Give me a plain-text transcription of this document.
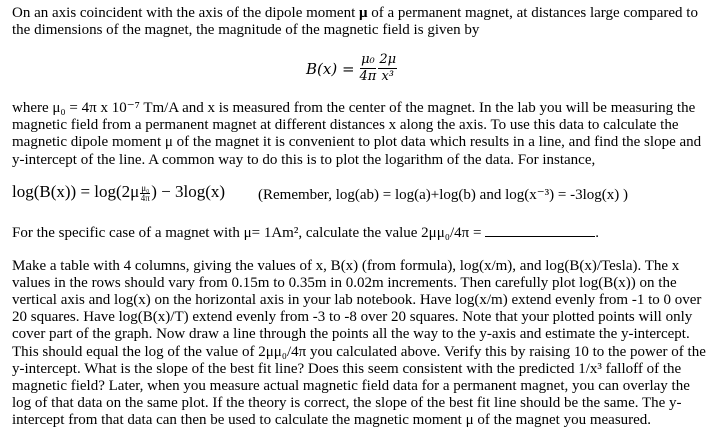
On an axis coincident with the axis of the dipole moment μ of a permanent magnet, at distances large compared to
the dimensions of the magnet, the magnitude of the magnetic field is given by
$B(x) = \frac{\text{μ₀}}{4\pi} \frac{2\mu}{\text{x³}}$
where μ₀ = 4π x 10⁻⁷ Tm/A and x is measured from the center of the magnet. In the lab you will be measuring the
magnetic field from a permanent magnet at different distances x along the axis. To use this data to calculate the
magnetic dipole moment μ of the magnet it is convenient to plot data which results in a line, and find the slope and
y-intercept of the line. A common way to do this is to plot the logarithm of the data. For instance,
$\log(B(x)) = \log(2\mu \frac{\text{μ₀}}{4\pi}$ ) − 3log(x) (Remember, log(ab) = log(a)+log(b) and log(x⁻³) = -3log(x) )
For the specific case of a magnet with μ= 1Am², calculate the value 2μμ₀/4π =	.
Make a table with 4 columns, giving the values of x, B(x) (from formula), log(x/m), and log(B(x)/Tesla). The x
values in the rows should vary from 0.15m to 0.35m in 0.02m increments. Then carefully plot log(B(x)) on the
vertical axis and log(x) on the horizontal axis in your lab notebook. Have log(x/m) extend evenly from -1 to 0 over
20 squares. Have log(B(x)/T) extend evenly from -3 to -8 over 20 squares. Note that your plotted points will only
cover part of the graph. Now draw a line through the points all the way to the y-axis and estimate the y-intercept.
This should equal the log of the value of 2μμ₀/4π you calculated above. Verify this by raising 10 to the power of the
y-intercept. What is the slope of the best fit line? Does this seem consistent with the predicted 1/x³ falloff of the
magnetic field? Later, when you measure actual magnetic field data for a permanent magnet, you can overlay the
log of that data on the same plot. If the theory is correct, the slope of the best fit line should be the same. The y-
intercept from that data can then be used to calculate the magnetic moment μ of the magnet you measured.
